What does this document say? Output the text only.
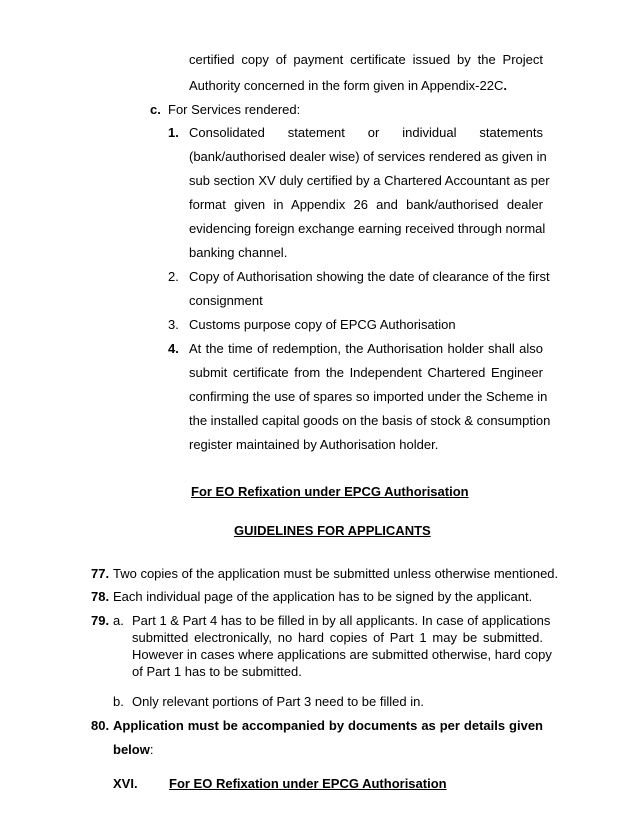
certified copy of payment certificate issued by the Project
Authority concerned in the form given in Appendix-22C.
c. For Services rendered:
1. Consolidated statement or individual statements
(bank/authorised dealer wise) of services rendered as given in
sub section XV duly certified by a Chartered Accountant as per
format given in Appendix 26 and bank/authorised dealer
evidencing foreign exchange earning received through normal
banking channel.
2. Copy of Authorisation showing the date of clearance of the first
consignment
3. Customs purpose copy of EPCG Authorisation
4. At the time of redemption, the Authorisation holder shall also
submit certificate from the Independent Chartered Engineer
confirming the use of spares so imported under the Scheme in
the installed capital goods on the basis of stock & consumption
register maintained by Authorisation holder.
For EO Refixation under EPCG Authorisation
GUIDELINES FOR APPLICANTS
77. Two copies of the application must be submitted unless otherwise mentioned.
78. Each individual page of the application has to be signed by the applicant.
79. a. Part 1 & Part 4 has to be filled in by all applicants. In case of applications
submitted electronically, no hard copies of Part 1 may be submitted.
However in cases where applications are submitted otherwise, hard copy
of Part 1 has to be submitted.
b. Only relevant portions of Part 3 need to be filled in.
80. Application must be accompanied by documents as per details given
below:
XVI. For EO Refixation under EPCG Authorisation
